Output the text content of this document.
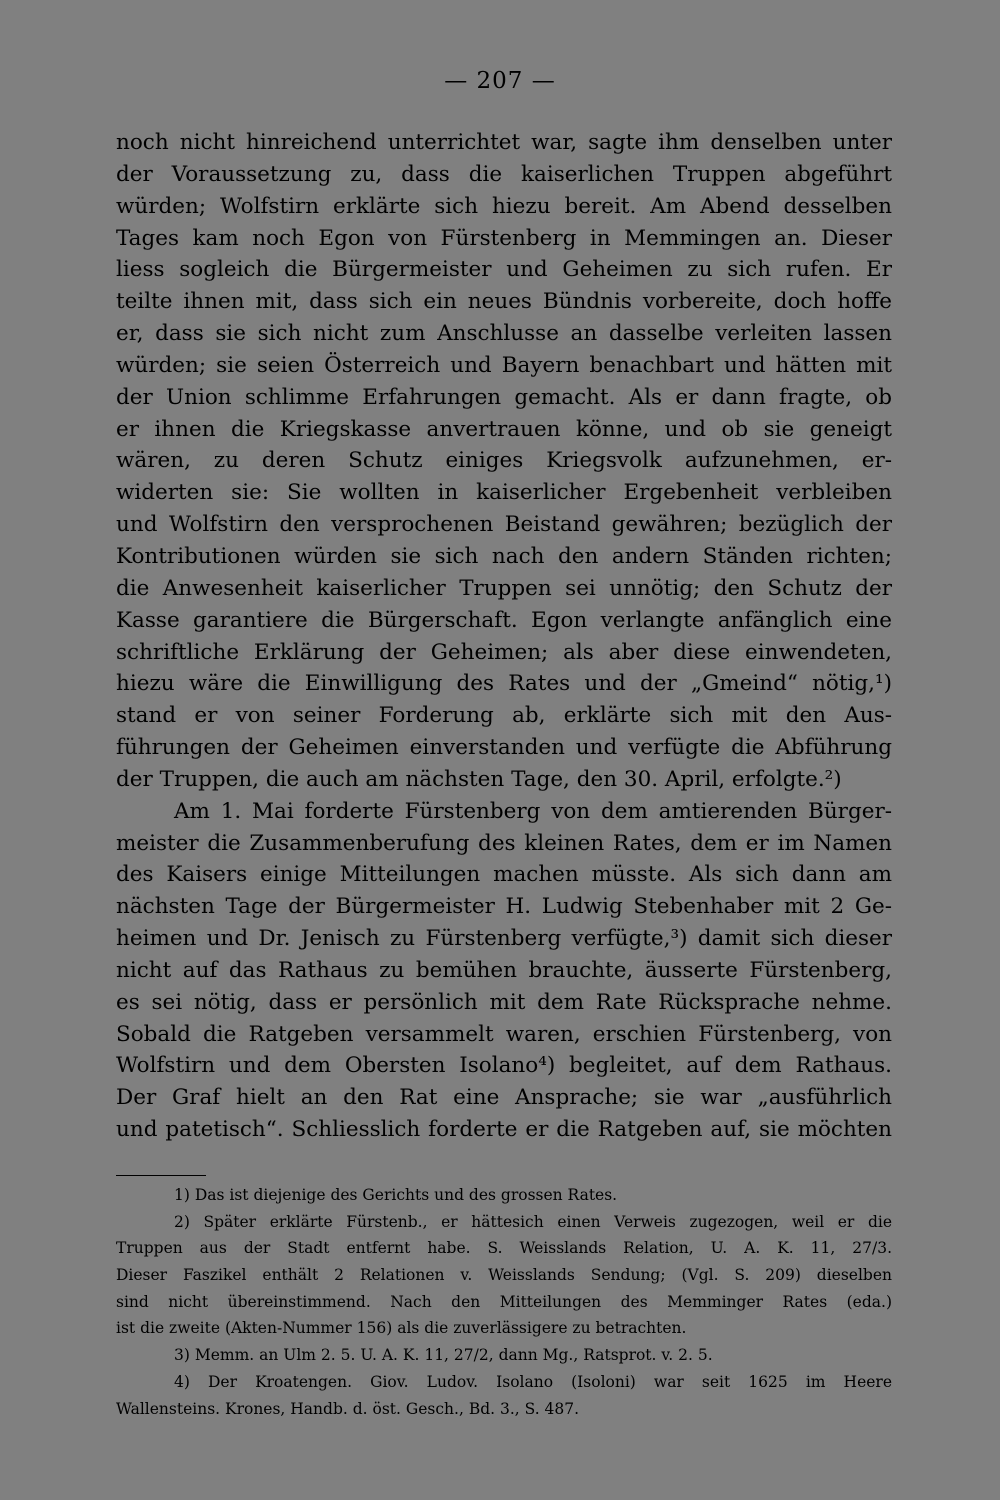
— 207 —
noch nicht hinreichend unterrichtet war, sagte ihm denselben unter
der Voraussetzung zu, dass die kaiserlichen Truppen abgeführt
würden; Wolfstirn erklärte sich hiezu bereit. Am Abend desselben
Tages kam noch Egon von Fürstenberg in Memmingen an. Dieser
liess sogleich die Bürgermeister und Geheimen zu sich rufen. Er
teilte ihnen mit, dass sich ein neues Bündnis vorbereite, doch hoffe
er, dass sie sich nicht zum Anschlusse an dasselbe verleiten lassen
würden; sie seien Österreich und Bayern benachbart und hätten mit
der Union schlimme Erfahrungen gemacht. Als er dann fragte, ob
er ihnen die Kriegskasse anvertrauen könne, und ob sie geneigt
wären, zu deren Schutz einiges Kriegsvolk aufzunehmen, er-
widerten sie: Sie wollten in kaiserlicher Ergebenheit verbleiben
und Wolfstirn den versprochenen Beistand gewähren; bezüglich der
Kontributionen würden sie sich nach den andern Ständen richten;
die Anwesenheit kaiserlicher Truppen sei unnötig; den Schutz der
Kasse garantiere die Bürgerschaft. Egon verlangte anfänglich eine
schriftliche Erklärung der Geheimen; als aber diese einwendeten,
hiezu wäre die Einwilligung des Rates und der „Gmeind“ nötig,¹)
stand er von seiner Forderung ab, erklärte sich mit den Aus-
führungen der Geheimen einverstanden und verfügte die Abführung
der Truppen, die auch am nächsten Tage, den 30. April, erfolgte.²)
Am 1. Mai forderte Fürstenberg von dem amtierenden Bürger-
meister die Zusammenberufung des kleinen Rates, dem er im Namen
des Kaisers einige Mitteilungen machen müsste. Als sich dann am
nächsten Tage der Bürgermeister H. Ludwig Stebenhaber mit 2 Ge-
heimen und Dr. Jenisch zu Fürstenberg verfügte,³) damit sich dieser
nicht auf das Rathaus zu bemühen brauchte, äusserte Fürstenberg,
es sei nötig, dass er persönlich mit dem Rate Rücksprache nehme.
Sobald die Ratgeben versammelt waren, erschien Fürstenberg, von
Wolfstirn und dem Obersten Isolano⁴) begleitet, auf dem Rathaus.
Der Graf hielt an den Rat eine Ansprache; sie war „ausführlich
und patetisch“. Schliesslich forderte er die Ratgeben auf, sie möchten
1) Das ist diejenige des Gerichts und des grossen Rates.
2) Später erklärte Fürstenb., er hättesich einen Verweis zugezogen, weil er die
Truppen aus der Stadt entfernt habe. S. Weisslands Relation, U. A. K. 11, 27/3.
Dieser Faszikel enthält 2 Relationen v. Weisslands Sendung; (Vgl. S. 209) dieselben
sind nicht übereinstimmend. Nach den Mitteilungen des Memminger Rates (eda.)
ist die zweite (Akten-Nummer 156) als die zuverlässigere zu betrachten.
3) Memm. an Ulm 2. 5. U. A. K. 11, 27/2, dann Mg., Ratsprot. v. 2. 5.
4) Der Kroatengen. Giov. Ludov. Isolano (Isoloni) war seit 1625 im Heere
Wallensteins. Krones, Handb. d. öst. Gesch., Bd. 3., S. 487.
